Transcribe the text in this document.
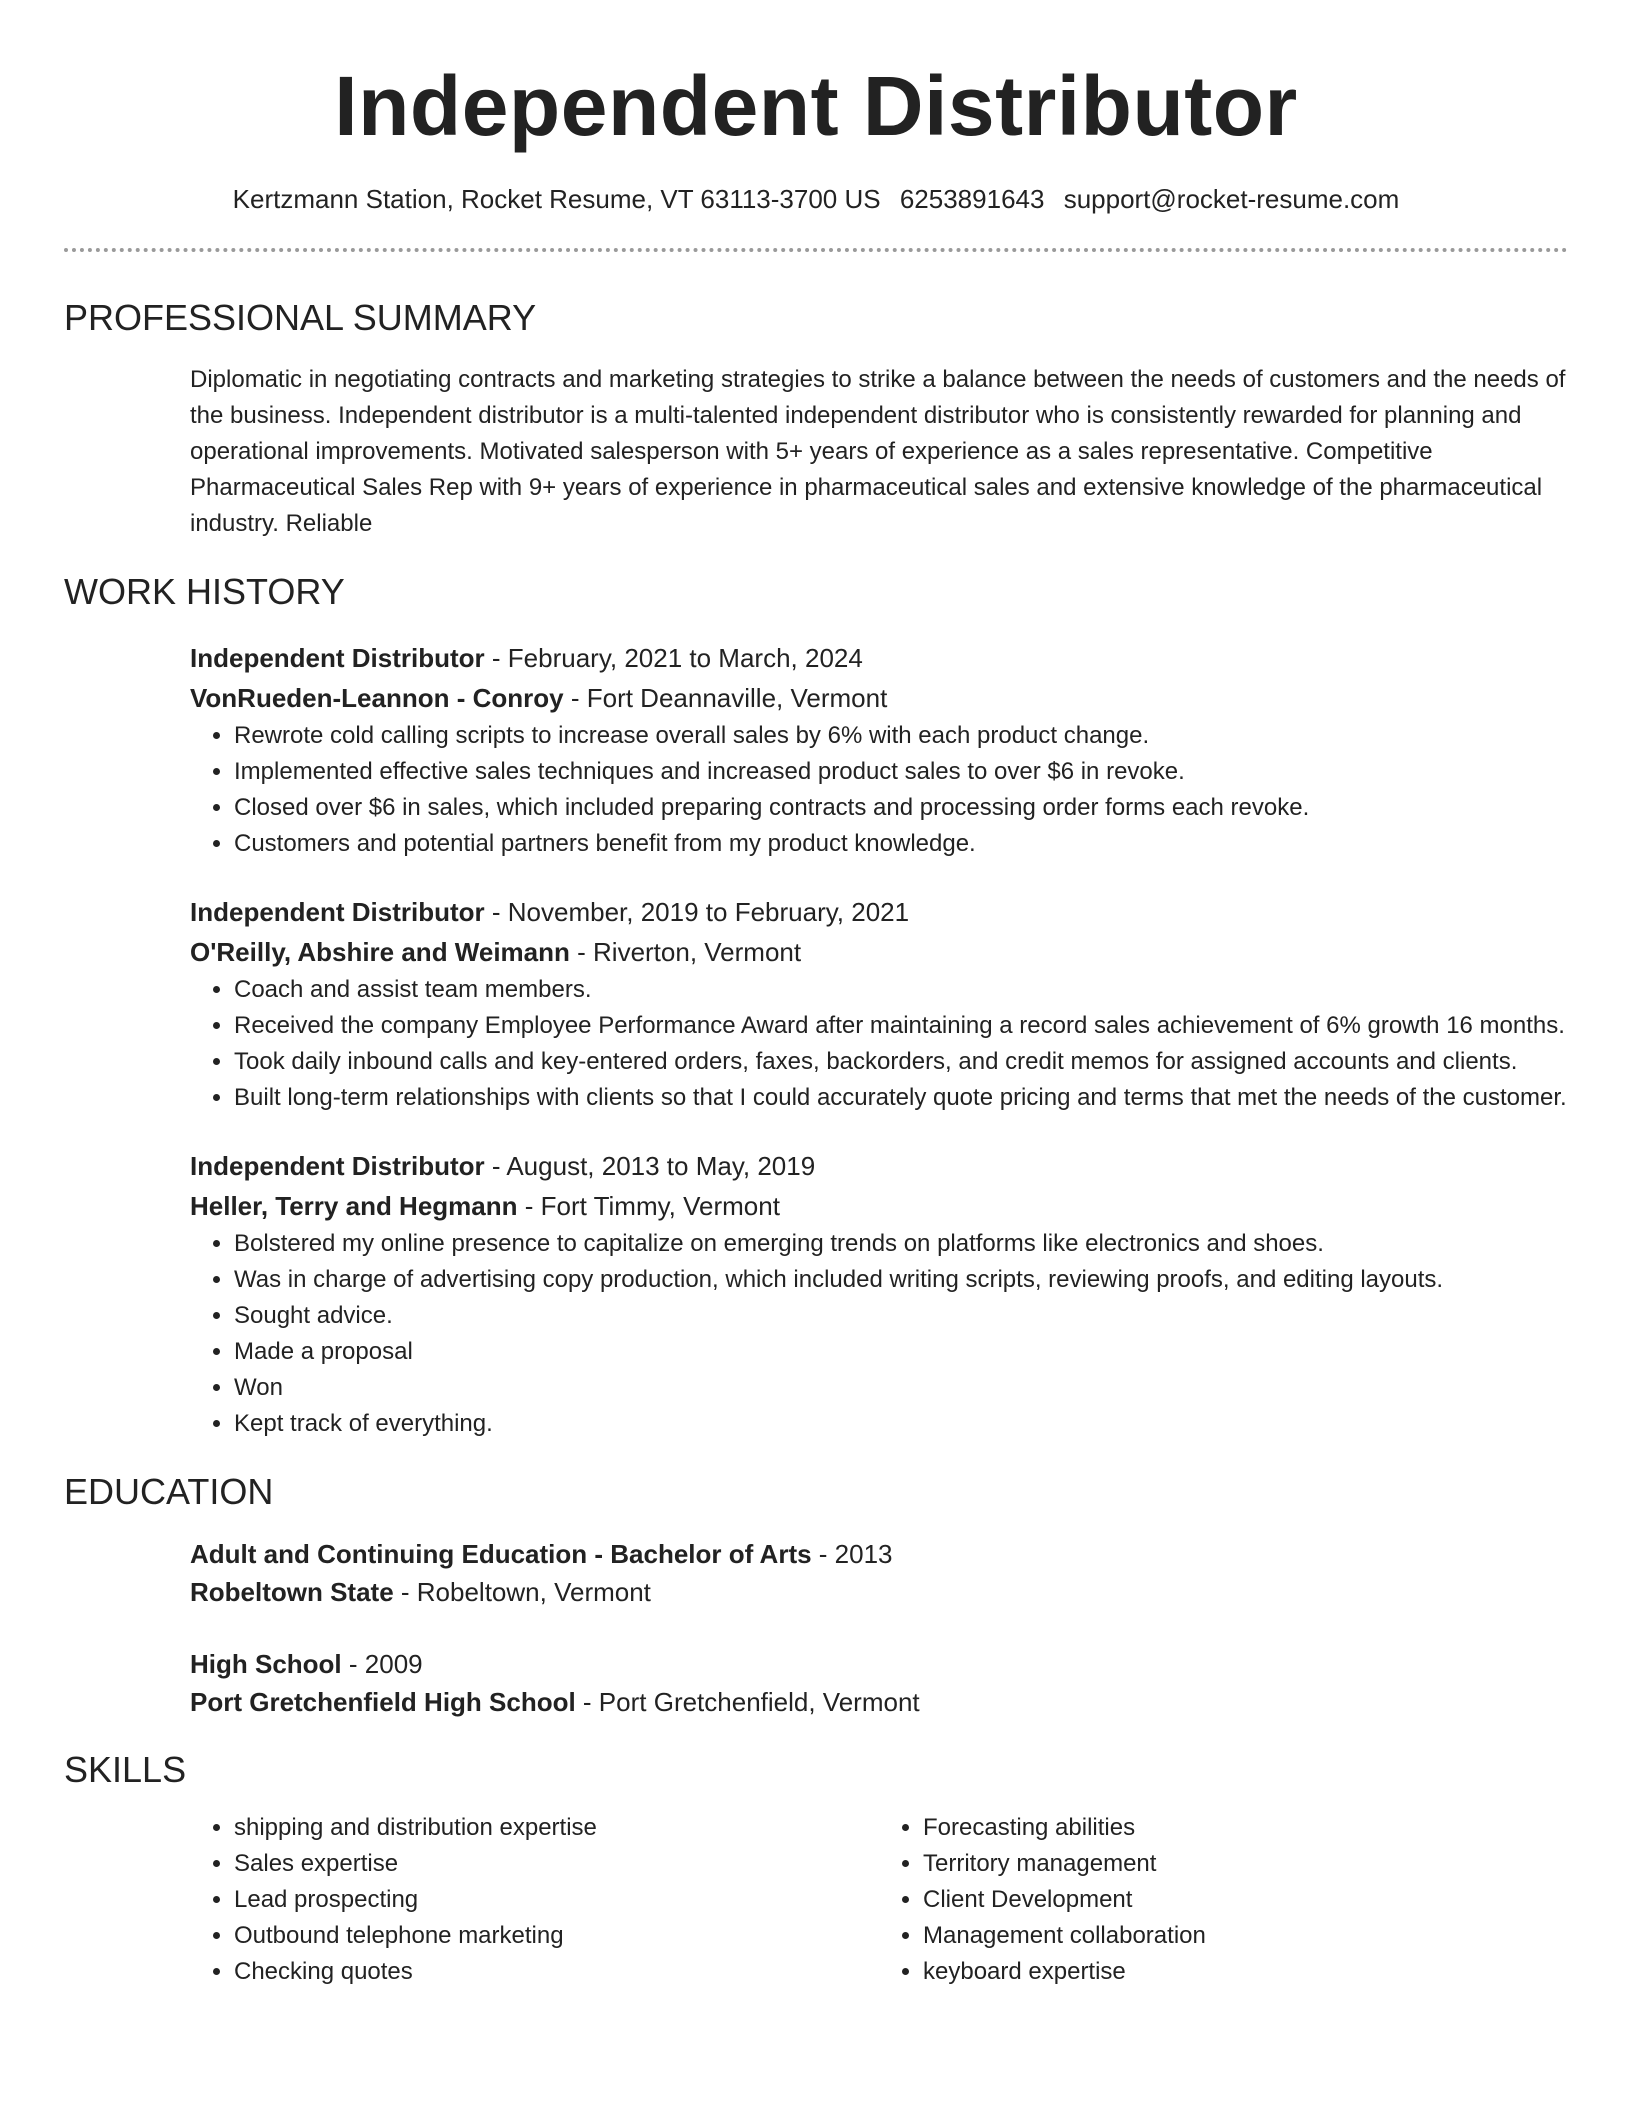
Independent Distributor
Kertzmann Station, Rocket Resume, VT 63113-3700 US 6253891643 support@rocket-resume.com
PROFESSIONAL SUMMARY
Diplomatic in negotiating contracts and marketing strategies to strike a balance between the needs of customers and the needs of the business. Independent distributor is a multi-talented independent distributor who is consistently rewarded for planning and operational improvements. Motivated salesperson with 5+ years of experience as a sales representative. Competitive Pharmaceutical Sales Rep with 9+ years of experience in pharmaceutical sales and extensive knowledge of the pharmaceutical industry. Reliable
WORK HISTORY
Independent Distributor - February, 2021 to March, 2024
VonRueden-Leannon - Conroy - Fort Deannaville, Vermont
• Rewrote cold calling scripts to increase overall sales by 6% with each product change.
• Implemented effective sales techniques and increased product sales to over $6 in revoke.
• Closed over $6 in sales, which included preparing contracts and processing order forms each revoke.
• Customers and potential partners benefit from my product knowledge.
Independent Distributor - November, 2019 to February, 2021
O'Reilly, Abshire and Weimann - Riverton, Vermont
• Coach and assist team members.
• Received the company Employee Performance Award after maintaining a record sales achievement of 6% growth 16 months.
• Took daily inbound calls and key-entered orders, faxes, backorders, and credit memos for assigned accounts and clients.
• Built long-term relationships with clients so that I could accurately quote pricing and terms that met the needs of the customer.
Independent Distributor - August, 2013 to May, 2019
Heller, Terry and Hegmann - Fort Timmy, Vermont
• Bolstered my online presence to capitalize on emerging trends on platforms like electronics and shoes.
• Was in charge of advertising copy production, which included writing scripts, reviewing proofs, and editing layouts.
• Sought advice.
• Made a proposal
• Won
• Kept track of everything.
EDUCATION
Adult and Continuing Education - Bachelor of Arts - 2013
Robeltown State - Robeltown, Vermont
High School - 2009
Port Gretchenfield High School - Port Gretchenfield, Vermont
SKILLS
• shipping and distribution expertise
• Sales expertise
• Lead prospecting
• Outbound telephone marketing
• Checking quotes
• Forecasting abilities
• Territory management
• Client Development
• Management collaboration
• keyboard expertise
